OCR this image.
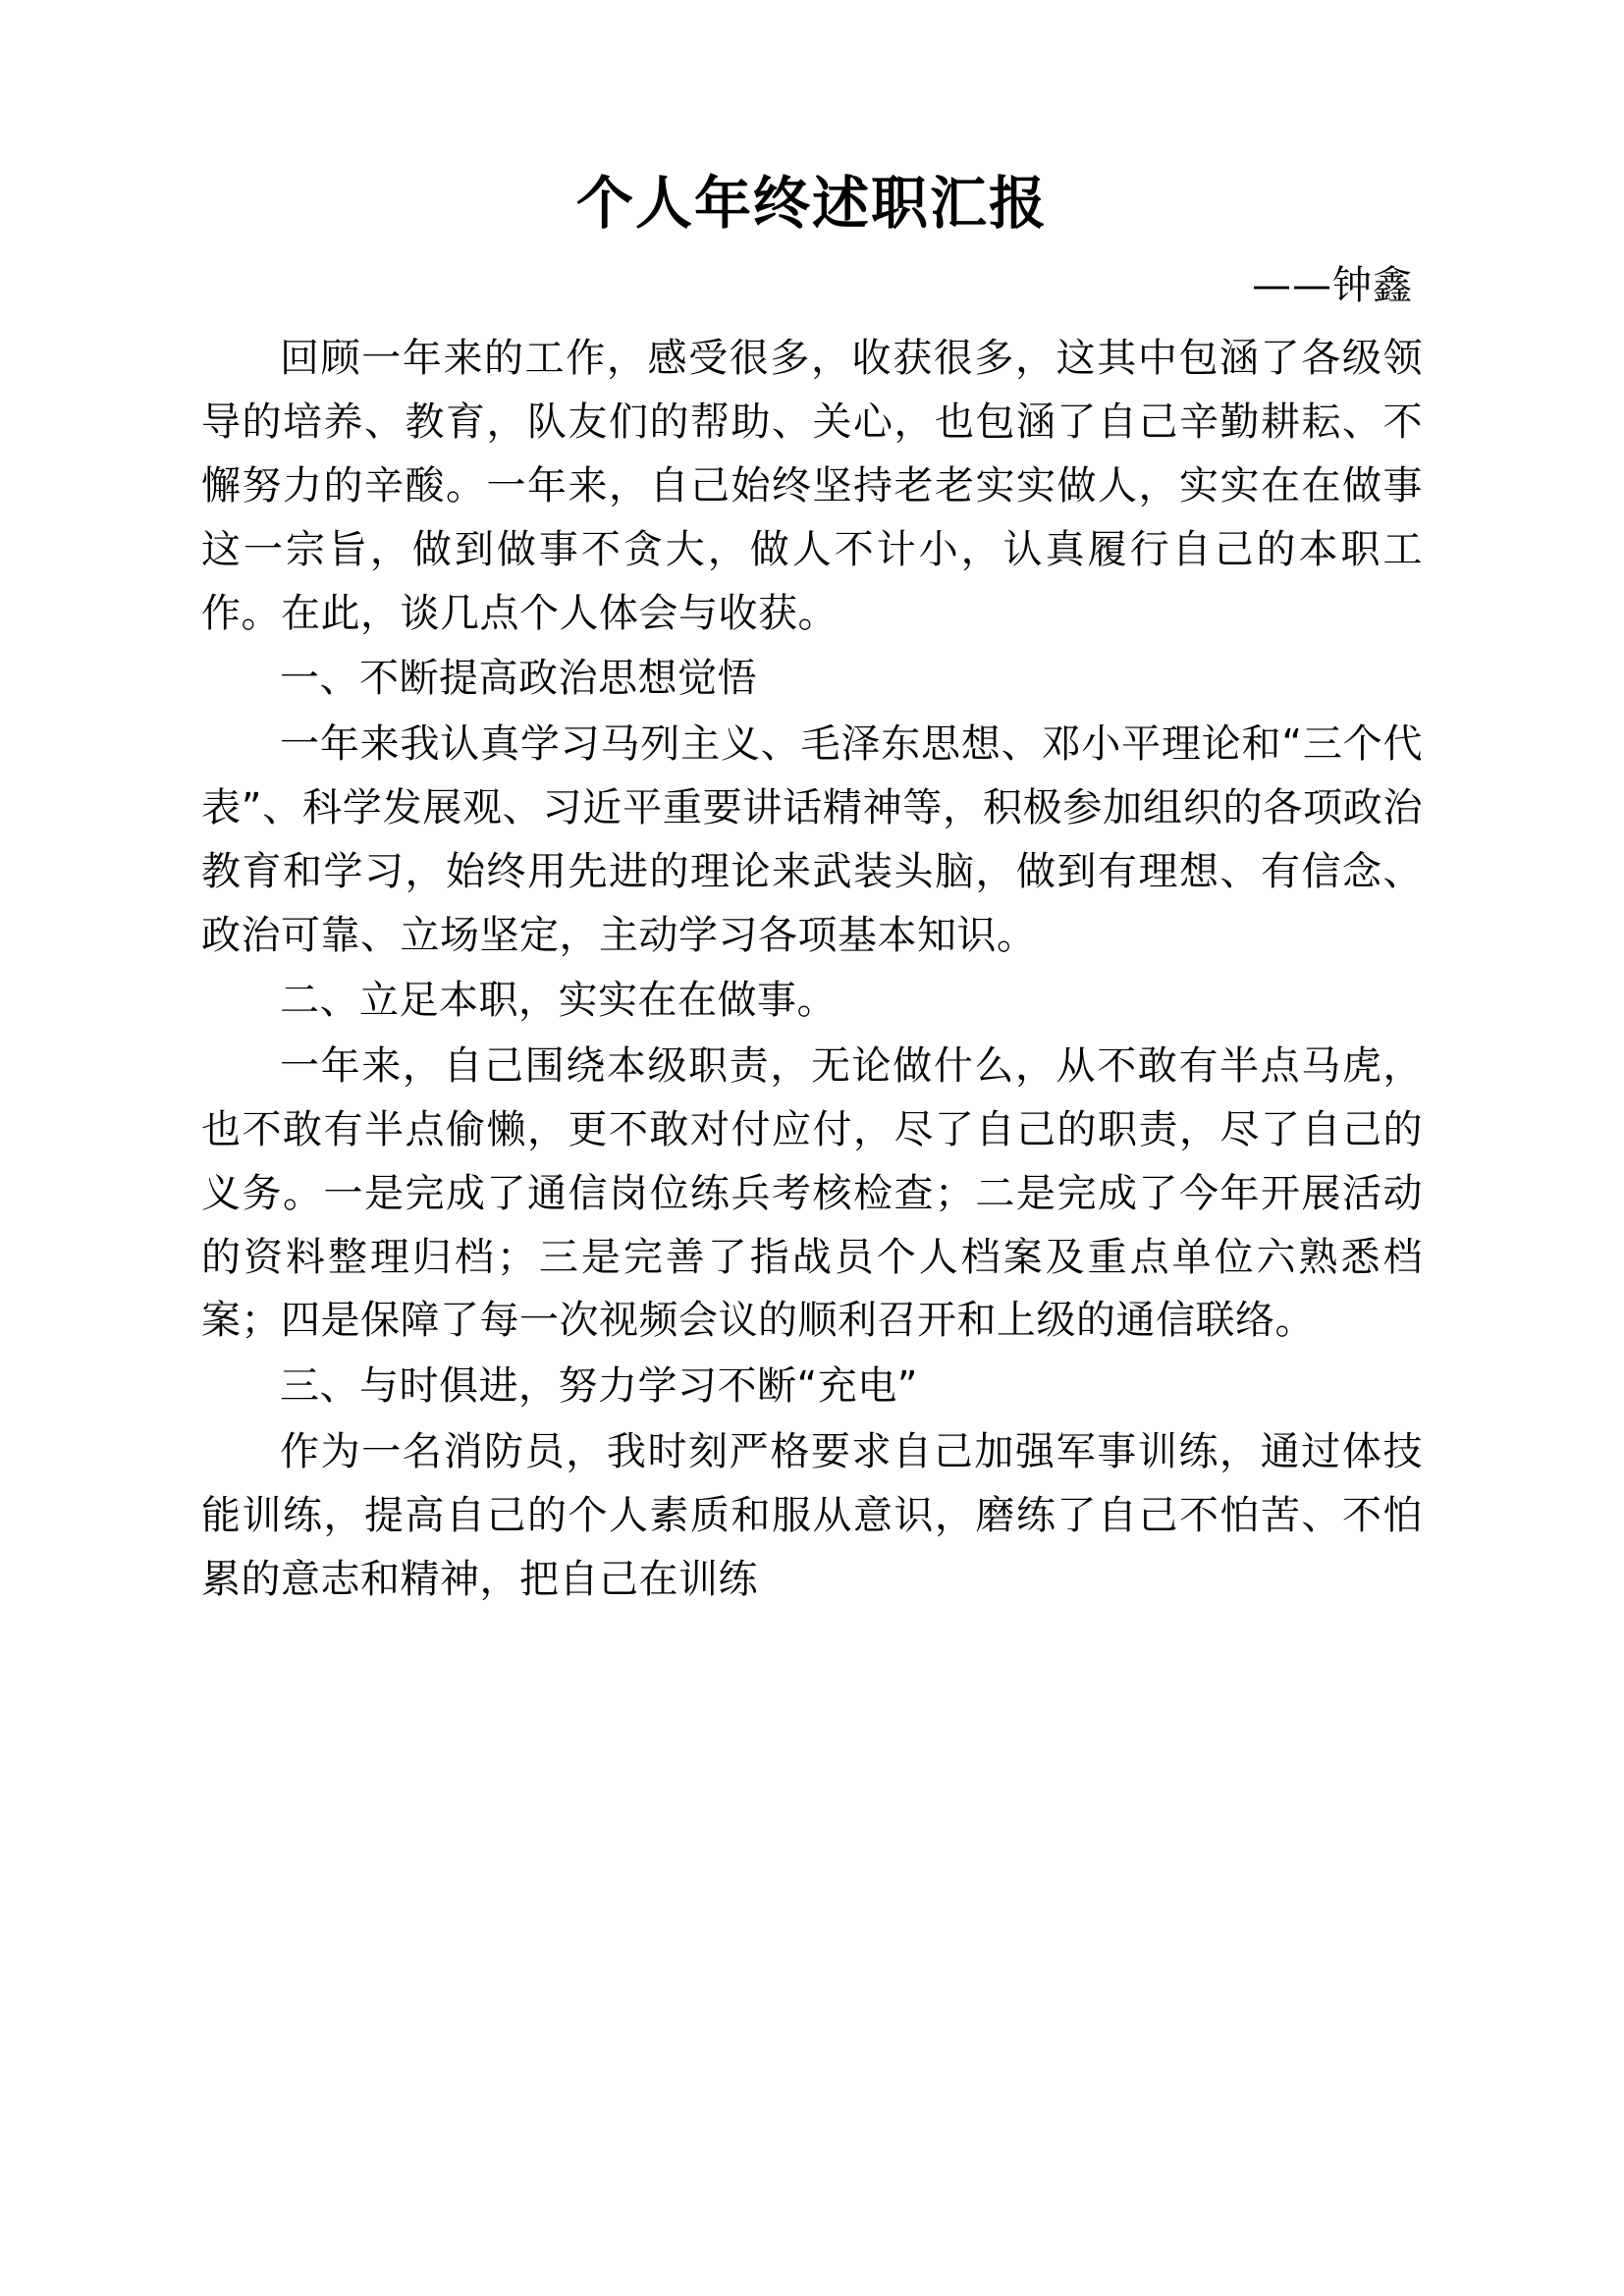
个人年终述职汇报
——钟鑫

回顾一年来的工作，感受很多，收获很多，这其中包涵了各级领导的培养、教育，队友们的帮助、关心，也包涵了自己辛勤耕耘、不懈努力的辛酸。一年来，自己始终坚持老老实实做人，实实在在做事这一宗旨，做到做事不贪大，做人不计小，认真履行自己的本职工作。在此，谈几点个人体会与收获。

一、不断提高政治思想觉悟

一年来我认真学习马列主义、毛泽东思想、邓小平理论和“三个代表”、科学发展观、习近平重要讲话精神等，积极参加组织的各项政治教育和学习，始终用先进的理论来武装头脑，做到有理想、有信念、政治可靠、立场坚定，主动学习各项基本知识。

二、立足本职，实实在在做事。

一年来，自己围绕本级职责，无论做什么，从不敢有半点马虎，也不敢有半点偷懒，更不敢对付应付，尽了自己的职责，尽了自己的义务。一是完成了通信岗位练兵考核检查；二是完成了今年开展活动的资料整理归档；三是完善了指战员个人档案及重点单位六熟悉档案；四是保障了每一次视频会议的顺利召开和上级的通信联络。

三、与时俱进，努力学习不断“充电”

作为一名消防员，我时刻严格要求自己加强军事训练，通过体技能训练，提高自己的个人素质和服从意识，磨练了自己不怕苦、不怕累的意志和精神，把自己在训练
